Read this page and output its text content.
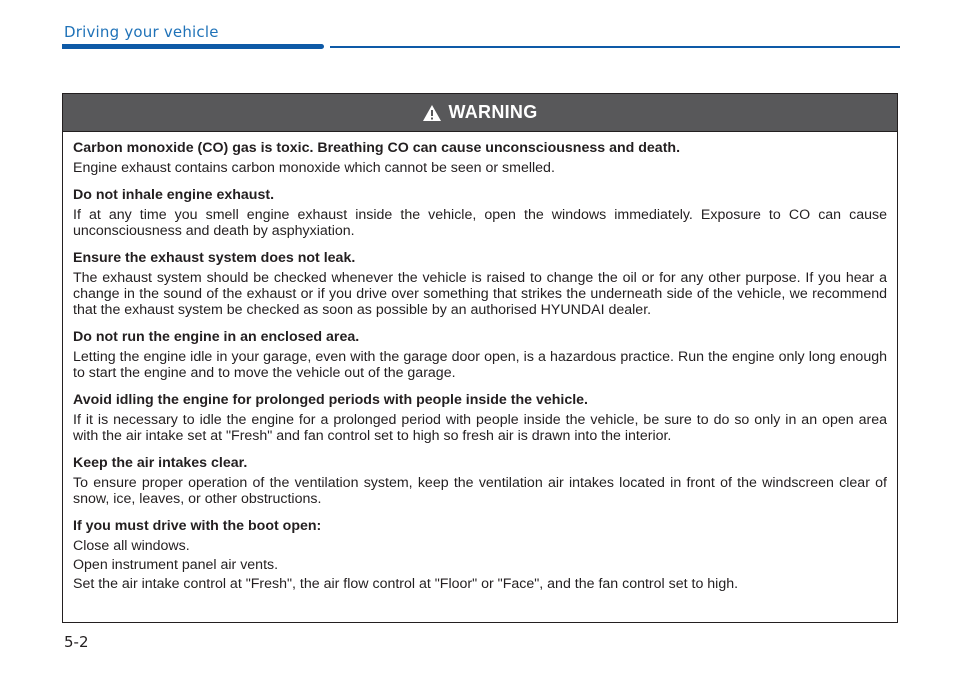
Driving your vehicle
WARNING

Carbon monoxide (CO) gas is toxic. Breathing CO can cause unconsciousness and death.

Engine exhaust contains carbon monoxide which cannot be seen or smelled.

Do not inhale engine exhaust.

If at any time you smell engine exhaust inside the vehicle, open the windows immediately. Exposure to CO can cause unconsciousness and death by asphyxiation.

Ensure the exhaust system does not leak.

The exhaust system should be checked whenever the vehicle is raised to change the oil or for any other purpose. If you hear a change in the sound of the exhaust or if you drive over something that strikes the underneath side of the vehicle, we recommend that the exhaust system be checked as soon as possible by an authorised HYUNDAI dealer.

Do not run the engine in an enclosed area.

Letting the engine idle in your garage, even with the garage door open, is a hazardous practice. Run the engine only long enough to start the engine and to move the vehicle out of the garage.

Avoid idling the engine for prolonged periods with people inside the vehicle.

If it is necessary to idle the engine for a prolonged period with people inside the vehicle, be sure to do so only in an open area with the air intake set at "Fresh" and fan control set to high so fresh air is drawn into the interior.

Keep the air intakes clear.

To ensure proper operation of the ventilation system, keep the ventilation air intakes located in front of the windscreen clear of snow, ice, leaves, or other obstructions.

If you must drive with the boot open:

Close all windows.

Open instrument panel air vents.

Set the air intake control at "Fresh", the air flow control at "Floor" or "Face", and the fan control set to high.

5-2
